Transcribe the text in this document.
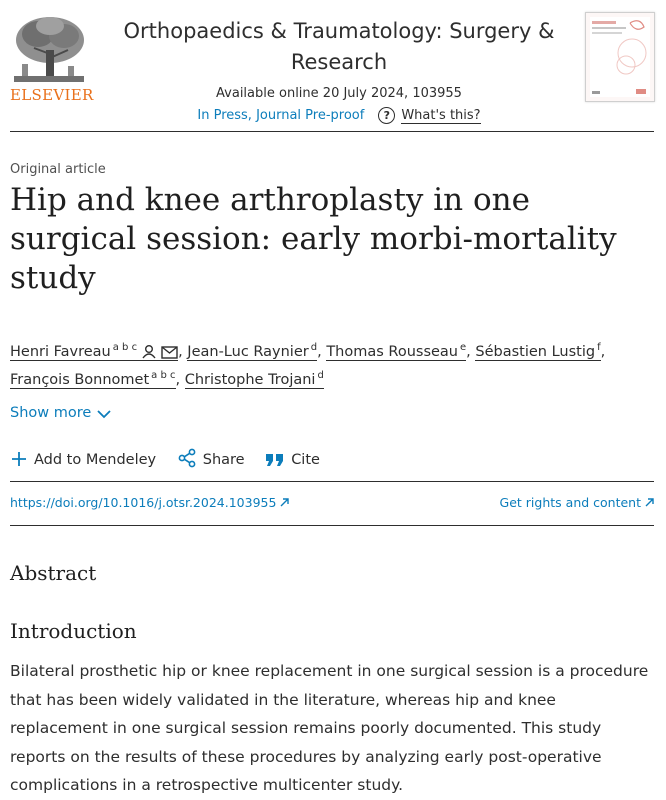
ELSEVIER
Orthopaedics & Traumatology: Surgery & Research
Available online 20 July 2024, 103955
In Press, Journal Pre-proof ? What's this?
Original article
Hip and knee arthroplasty in one surgical session: early morbi-mortality study
Henri Favreau $^{a b c}$	, Jean-Luc Raynier $^d$, Thomas Rousseau $^e$, Sébastien Lustig $^f$, François Bonnomet $^{a b c}$, Christophe Trojani $^d$
Show more
Add to Mendeley	Share	Cite
https://doi.org/10.1016/j.otsr.2024.103955	Get rights and content
Abstract
Introduction

Bilateral prosthetic hip or knee replacement in one surgical session is a procedure that has been widely validated in the literature, whereas hip and knee replacement in one surgical session remains poorly documented. This study reports on the results of these procedures by analyzing early post-operative complications in a retrospective multicenter study.
